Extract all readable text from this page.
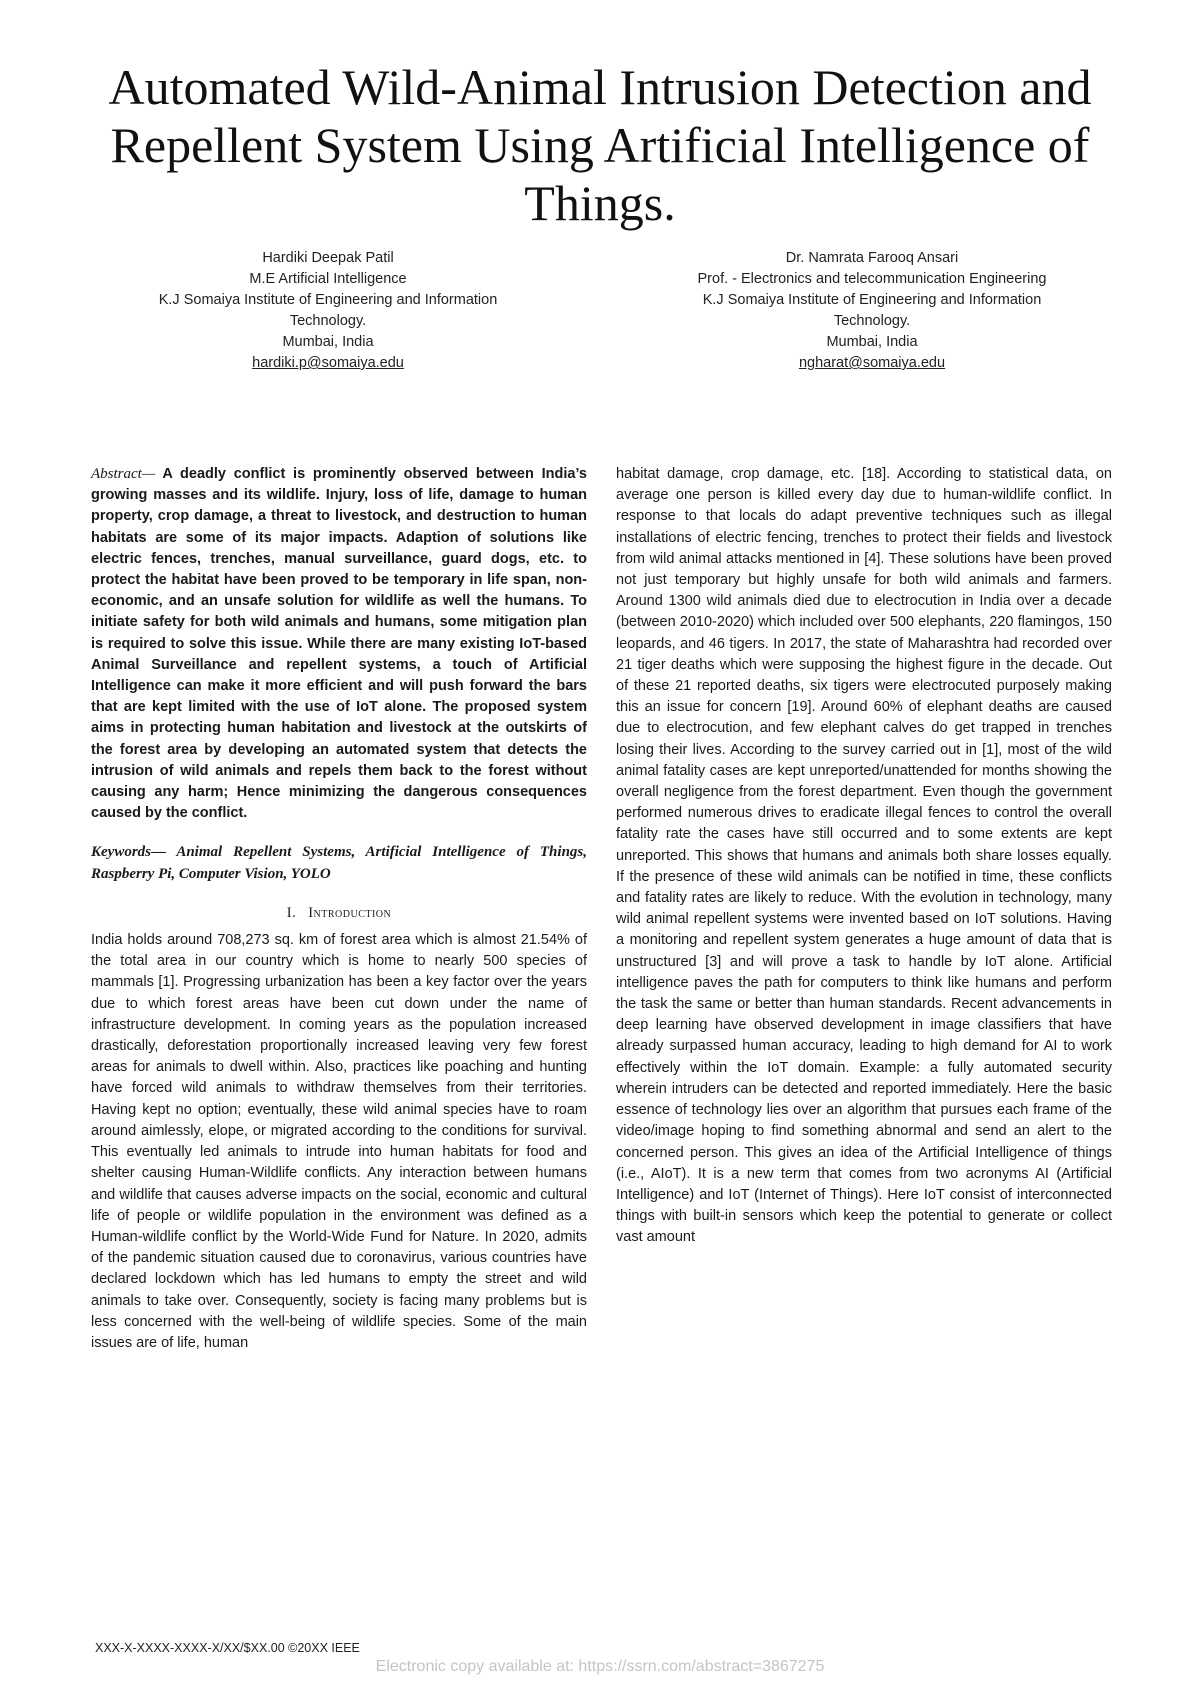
Automated Wild-Animal Intrusion Detection and Repellent System Using Artificial Intelligence of Things.
Hardiki Deepak Patil
M.E Artificial Intelligence
K.J Somaiya Institute of Engineering and Information
Technology.
Mumbai, India
hardiki.p@somaiya.edu
Dr. Namrata Farooq Ansari
Prof. - Electronics and telecommunication Engineering
K.J Somaiya Institute of Engineering and Information
Technology.
Mumbai, India
ngharat@somaiya.edu

Abstract— A deadly conflict is prominently observed between India’s growing masses and its wildlife. Injury, loss of life, damage to human property, crop damage, a threat to livestock, and destruction to human habitats are some of its major impacts. Adaption of solutions like electric fences, trenches, manual surveillance, guard dogs, etc. to protect the habitat have been proved to be temporary in life span, non- economic, and an unsafe solution for wildlife as well the humans. To initiate safety for both wild animals and humans, some mitigation plan is required to solve this issue. While there are many existing IoT-based Animal Surveillance and repellent systems, a touch of Artificial Intelligence can make it more efficient and will push forward the bars that are kept limited with the use of IoT alone. The proposed system aims in protecting human habitation and livestock at the outskirts of the forest area by developing an automated system that detects the intrusion of wild animals and repels them back to the forest without causing any harm; Hence minimizing the dangerous consequences caused by the conflict.

Keywords— Animal Repellent Systems, Artificial Intelligence of Things, Raspberry Pi, Computer Vision, YOLO

I. Introduction

India holds around 708,273 sq. km of forest area which is almost 21.54% of the total area in our country which is home to nearly 500 species of mammals [1]. Progressing urbanization has been a key factor over the years due to which forest areas have been cut down under the name of infrastructure development. In coming years as the population increased drastically, deforestation proportionally increased leaving very few forest areas for animals to dwell within. Also, practices like poaching and hunting have forced wild animals to withdraw themselves from their territories. Having kept no option; eventually, these wild animal species have to roam around aimlessly, elope, or migrated according to the conditions for survival. This eventually led animals to intrude into human habitats for food and shelter causing Human-Wildlife conflicts. Any interaction between humans and wildlife that causes adverse impacts on the social, economic and cultural life of people or wildlife population in the environment was defined as a Human-wildlife conflict by the World-Wide Fund for Nature. In 2020, admits of the pandemic situation caused due to coronavirus, various countries have declared lockdown which has led humans to empty the street and wild animals to take over. Consequently, society is facing many problems but is less concerned with the well-being of wildlife species. Some of the main issues are of life, human

habitat damage, crop damage, etc. [18]. According to statistical data, on average one person is killed every day due to human-wildlife conflict. In response to that locals do adapt preventive techniques such as illegal installations of electric fencing, trenches to protect their fields and livestock from wild animal attacks mentioned in [4]. These solutions have been proved not just temporary but highly unsafe for both wild animals and farmers. Around 1300 wild animals died due to electrocution in India over a decade (between 2010-2020) which included over 500 elephants, 220 flamingos, 150 leopards, and 46 tigers. In 2017, the state of Maharashtra had recorded over 21 tiger deaths which were supposing the highest figure in the decade. Out of these 21 reported deaths, six tigers were electrocuted purposely making this an issue for concern [19]. Around 60% of elephant deaths are caused due to electrocution, and few elephant calves do get trapped in trenches losing their lives. According to the survey carried out in [1], most of the wild animal fatality cases are kept unreported/unattended for months showing the overall negligence from the forest department. Even though the government performed numerous drives to eradicate illegal fences to control the overall fatality rate the cases have still occurred and to some extents are kept unreported. This shows that humans and animals both share losses equally. If the presence of these wild animals can be notified in time, these conflicts and fatality rates are likely to reduce. With the evolution in technology, many wild animal repellent systems were invented based on IoT solutions. Having a monitoring and repellent system generates a huge amount of data that is unstructured [3] and will prove a task to handle by IoT alone. Artificial intelligence paves the path for computers to think like humans and perform the task the same or better than human standards. Recent advancements in deep learning have observed development in image classifiers that have already surpassed human accuracy, leading to high demand for AI to work effectively within the IoT domain. Example: a fully automated security wherein intruders can be detected and reported immediately. Here the basic essence of technology lies over an algorithm that pursues each frame of the video/image hoping to find something abnormal and send an alert to the concerned person. This gives an idea of the Artificial Intelligence of things (i.e., AIoT). It is a new term that comes from two acronyms AI (Artificial Intelligence) and IoT (Internet of Things). Here IoT consist of interconnected things with built-in sensors which keep the potential to generate or collect vast amount

XXX-X-XXXX-XXXX-X/XX/$XX.00 ©20XX IEEE
Electronic copy available at: https://ssrn.com/abstract=3867275
